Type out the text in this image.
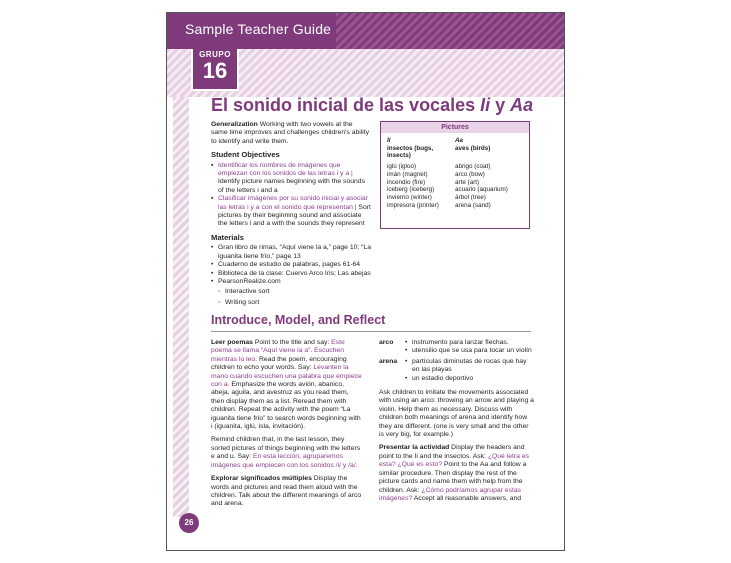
Sample Teacher Guide
GRUPO
16
El sonido inicial de las vocales Ii y Aa

Generalization Working with two vowels at the same time improves and challenges children's ability to identify and write them.

Student Objectives
▪ Identificar los nombres de imágenes que empiezan con los sonidos de las letras i y a | Identify picture names beginning with the sounds of the letters i and a
▪ Clasificar imágenes por su sonido inicial y asociar las letras i y a con el sonido que representan | Sort pictures by their beginning sound and associate the letters i and a with the sounds they represent
Materials
• Gran libro de rimas, “Aquí viene la a,” page 10; “La iguanita tiene frío,” page 13
• Cuaderno de estudio de palabras, pages 61-64
• Biblioteca de la clase: Cuervo Arco Iris; Las abejas
• PearsonRealize.com
◦ Interactive sort
◦ Writing sort
Pictures
Ii
insectos (bugs, insects)
iglú (igloo)
imán (magnet)
incendio (fire)
iceberg (iceberg)
invierno (winter)
impresora (printer)
Aa
aves (birds)
abrigo (coat)
arco (bow)
arte (art)
acuario (aquarium)
árbol (tree)
arena (sand)
Introduce, Model, and Reflect

Leer poemas Point to the title and say: Este poema se llama “Aquí viene la a”. Escuchen mientras lo leo. Read the poem, encouraging children to echo your words. Say: Levanten la mano cuando escuchen una palabra que empiece con a. Emphasize the words avión, abanico, abeja, aguila, and avestruz as you read them, then display them as a list. Reread them with children. Repeat the activity with the poem “La iguanita tiene frío” to search words beginning with i (iguanita, iglú, isla, invitación).

Remind children that, in the last lesson, they sorted pictures of things beginning with the letters e and u. Say: En esta lección, agruparemos imágenes que empiecen con los sonidos /i/ y /a/.

Explorar significados múltiples Display the words and pictures and read them aloud with the children. Talk about the different meanings of arco and arena.

arco	• instrumento para lanzar flechas.
• utensilio que se usa para tocar un violín
arena	• partículas diminutas de rocas que hay en las playas
• un estadio deportivo

Ask children to imitate the movements associated with using an arco: throwing an arrow and playing a violin. Help them as necessary. Discuss with children both meanings of arena and identify how they are different. (one is very small and the other is very big, for example.)

Presentar la actividad Display the headers and point to the Ii and the insectos. Ask: ¿Qué letra es esta? ¿Qué es esto? Point to the Aa and follow a similar procedure. Then display the rest of the picture cards and name them with help from the children. Ask: ¿Cómo podríamos agrupar estas imágenes? Accept all reasonable answers, and

26
